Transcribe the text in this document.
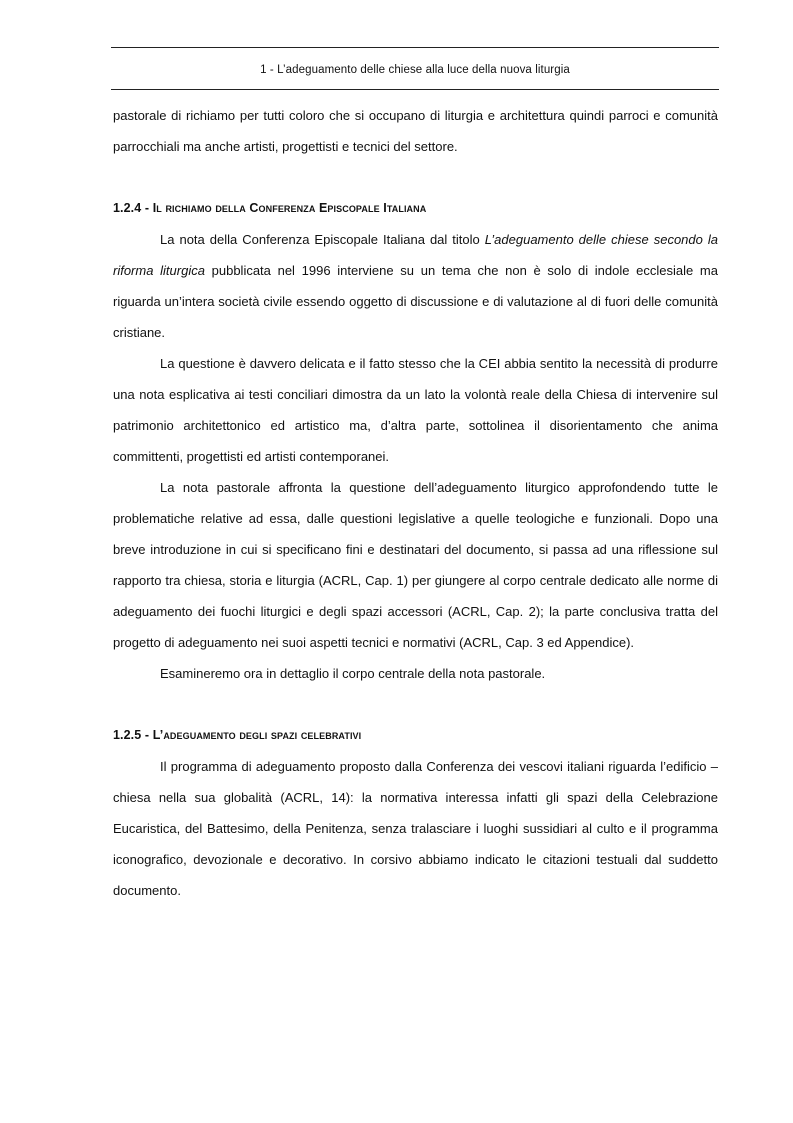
1 - L’adeguamento delle chiese alla luce della nuova liturgia

pastorale di richiamo per tutti coloro che si occupano di liturgia e architettura quindi parroci e comunità parrocchiali ma anche artisti, progettisti e tecnici del settore.

1.2.4 - Il richiamo della Conferenza Episcopale Italiana

La nota della Conferenza Episcopale Italiana dal titolo L’adeguamento delle chiese secondo la riforma liturgica pubblicata nel 1996 interviene su un tema che non è solo di indole ecclesiale ma riguarda un’intera società civile essendo oggetto di discussione e di valutazione al di fuori delle comunità cristiane.

La questione è davvero delicata e il fatto stesso che la CEI abbia sentito la necessità di produrre una nota esplicativa ai testi conciliari dimostra da un lato la volontà reale della Chiesa di intervenire sul patrimonio architettonico ed artistico ma, d’altra parte, sottolinea il disorientamento che anima committenti, progettisti ed artisti contemporanei.

La nota pastorale affronta la questione dell’adeguamento liturgico approfondendo tutte le problematiche relative ad essa, dalle questioni legislative a quelle teologiche e funzionali. Dopo una breve introduzione in cui si specificano fini e destinatari del documento, si passa ad una riflessione sul rapporto tra chiesa, storia e liturgia (ACRL, Cap. 1) per giungere al corpo centrale dedicato alle norme di adeguamento dei fuochi liturgici e degli spazi accessori (ACRL, Cap. 2); la parte conclusiva tratta del progetto di adeguamento nei suoi aspetti tecnici e normativi (ACRL, Cap. 3 ed Appendice).

Esamineremo ora in dettaglio il corpo centrale della nota pastorale.

1.2.5 - L’adeguamento degli spazi celebrativi

Il programma di adeguamento proposto dalla Conferenza dei vescovi italiani riguarda l’edificio – chiesa nella sua globalità (ACRL, 14): la normativa interessa infatti gli spazi della Celebrazione Eucaristica, del Battesimo, della Penitenza, senza tralasciare i luoghi sussidiari al culto e il programma iconografico, devozionale e decorativo. In corsivo abbiamo indicato le citazioni testuali dal suddetto documento.
